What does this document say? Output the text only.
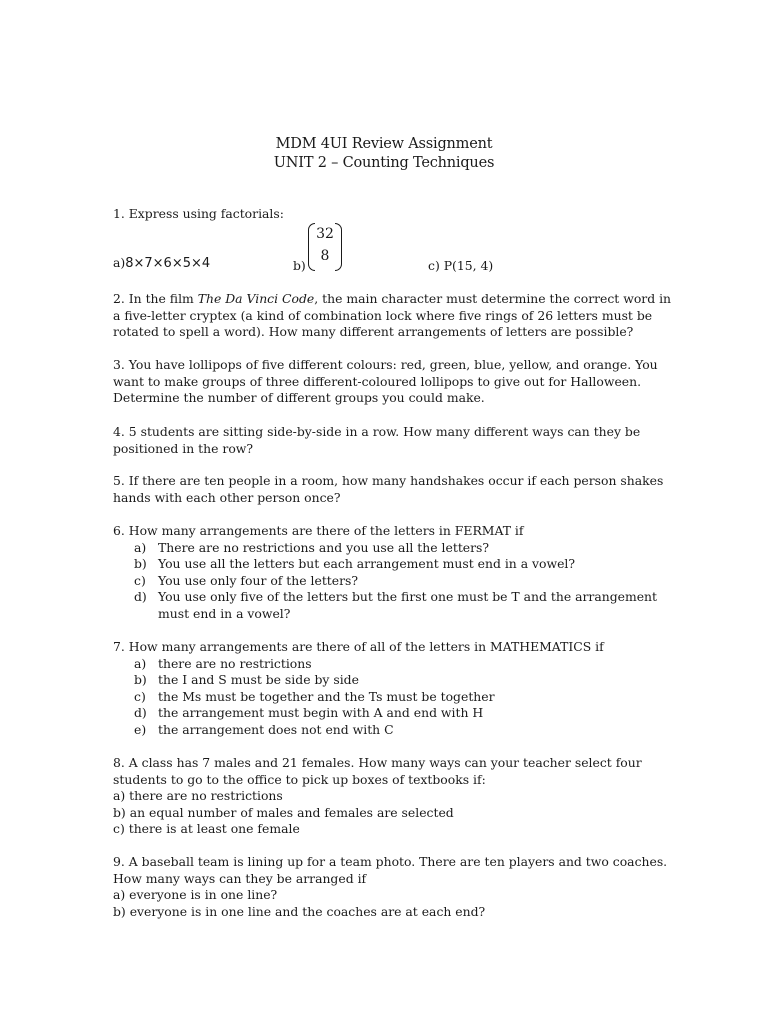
MDM 4UI Review Assignment
UNIT 2 – Counting Techniques
1. Express using factorials:
a)8×7×6×5×4	b)
32
8
c) P(15, 4)

2. In the film The Da Vinci Code, the main character must determine the correct word in a five-letter cryptex (a kind of combination lock where five rings of 26 letters must be rotated to spell a word). How many different arrangements of letters are possible?

3. You have lollipops of five different colours: red, green, blue, yellow, and orange. You want to make groups of three different-coloured lollipops to give out for Halloween. Determine the number of different groups you could make.
4. 5 students are sitting side-by-side in a row. How many different ways can they be positioned in the row?
5. If there are ten people in a room, how many handshakes occur if each person shakes hands with each other person once?

6. How many arrangements are there of the letters in FERMAT if

a) There are no restrictions and you use all the letters?
b) You use all the letters but each arrangement must end in a vowel?
c) You use only four of the letters?
d) You use only five of the letters but the first one must be T and the arrangement must end in a vowel?

7. How many arrangements are there of all of the letters in MATHEMATICS if

a) there are no restrictions
b) the I and S must be side by side
c) the Ms must be together and the Ts must be together
d) the arrangement must begin with A and end with H
e) the arrangement does not end with C

8. A class has 7 males and 21 females. How many ways can your teacher select four students to go to the office to pick up boxes of textbooks if:

a) there are no restrictions

b) an equal number of males and females are selected

c) there is at least one female

9. A baseball team is lining up for a team photo. There are ten players and two coaches. How many ways can they be arranged if

a) everyone is in one line?

b) everyone is in one line and the coaches are at each end?
